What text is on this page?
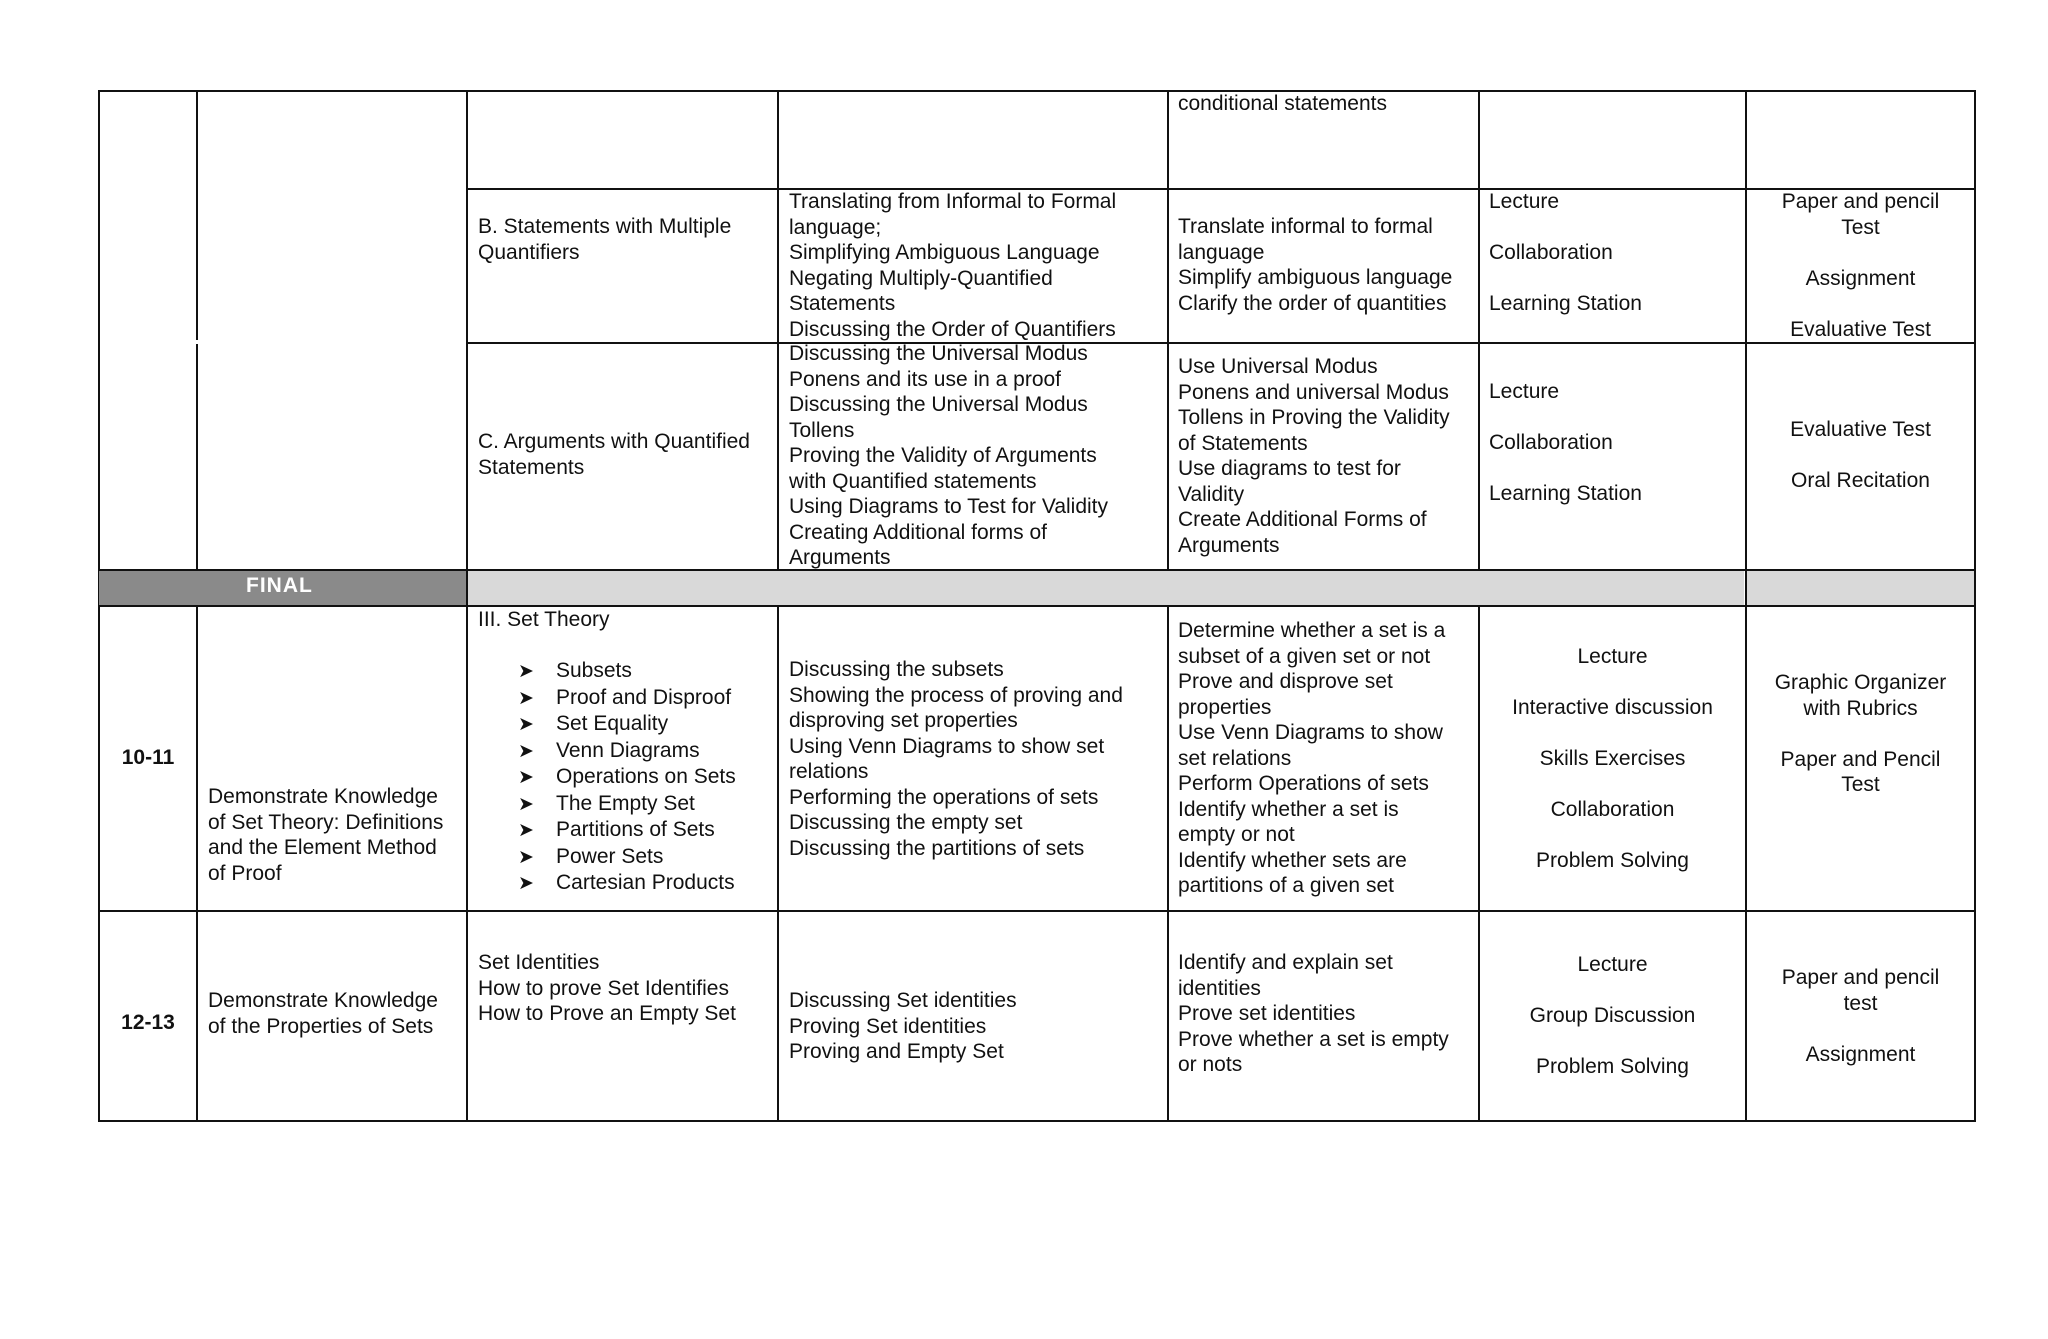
FINAL
conditional statements
B. Statements with Multiple Quantifiers
Translating from Informal to Formal
language;
Simplifying Ambiguous Language
Negating Multiply-Quantified
Statements
Discussing the Order of Quantifiers
Translate informal to formal
language
Simplify ambiguous language
Clarify the order of quantities
Lecture
Collaboration
Learning Station
Paper and pencil
Test
Assignment
Evaluative Test
C. Arguments with Quantified Statements
Discussing the Universal Modus
Ponens and its use in a proof
Discussing the Universal Modus
Tollens
Proving the Validity of Arguments
with Quantified statements
Using Diagrams to Test for Validity
Creating Additional forms of
Arguments
Use Universal Modus
Ponens and universal Modus
Tollens in Proving the Validity
of Statements
Use diagrams to test for
Validity
Create Additional Forms of
Arguments
Lecture
Collaboration
Learning Station
Evaluative Test
Oral Recitation
10-11
Demonstrate Knowledge
of Set Theory: Definitions
and the Element Method
of Proof
III. Set Theory
➤ Subsets
➤ Proof and Disproof
➤ Set Equality
➤ Venn Diagrams
➤ Operations on Sets
➤ The Empty Set
➤ Partitions of Sets
➤ Power Sets
➤ Cartesian Products
Discussing the subsets
Showing the process of proving and
disproving set properties
Using Venn Diagrams to show set
relations
Performing the operations of sets
Discussing the empty set
Discussing the partitions of sets
Determine whether a set is a
subset of a given set or not
Prove and disprove set
properties
Use Venn Diagrams to show
set relations
Perform Operations of sets
Identify whether a set is
empty or not
Identify whether sets are
partitions of a given set
Lecture
Interactive discussion
Skills Exercises
Collaboration
Problem Solving
Graphic Organizer
with Rubrics
Paper and Pencil
Test
12-13
Demonstrate Knowledge
of the Properties of Sets
Set Identities
How to prove Set Identifies
How to Prove an Empty Set
Discussing Set identities
Proving Set identities
Proving and Empty Set
Identify and explain set
identities
Prove set identities
Prove whether a set is empty
or nots
Lecture
Group Discussion
Problem Solving
Paper and pencil
test
Assignment
